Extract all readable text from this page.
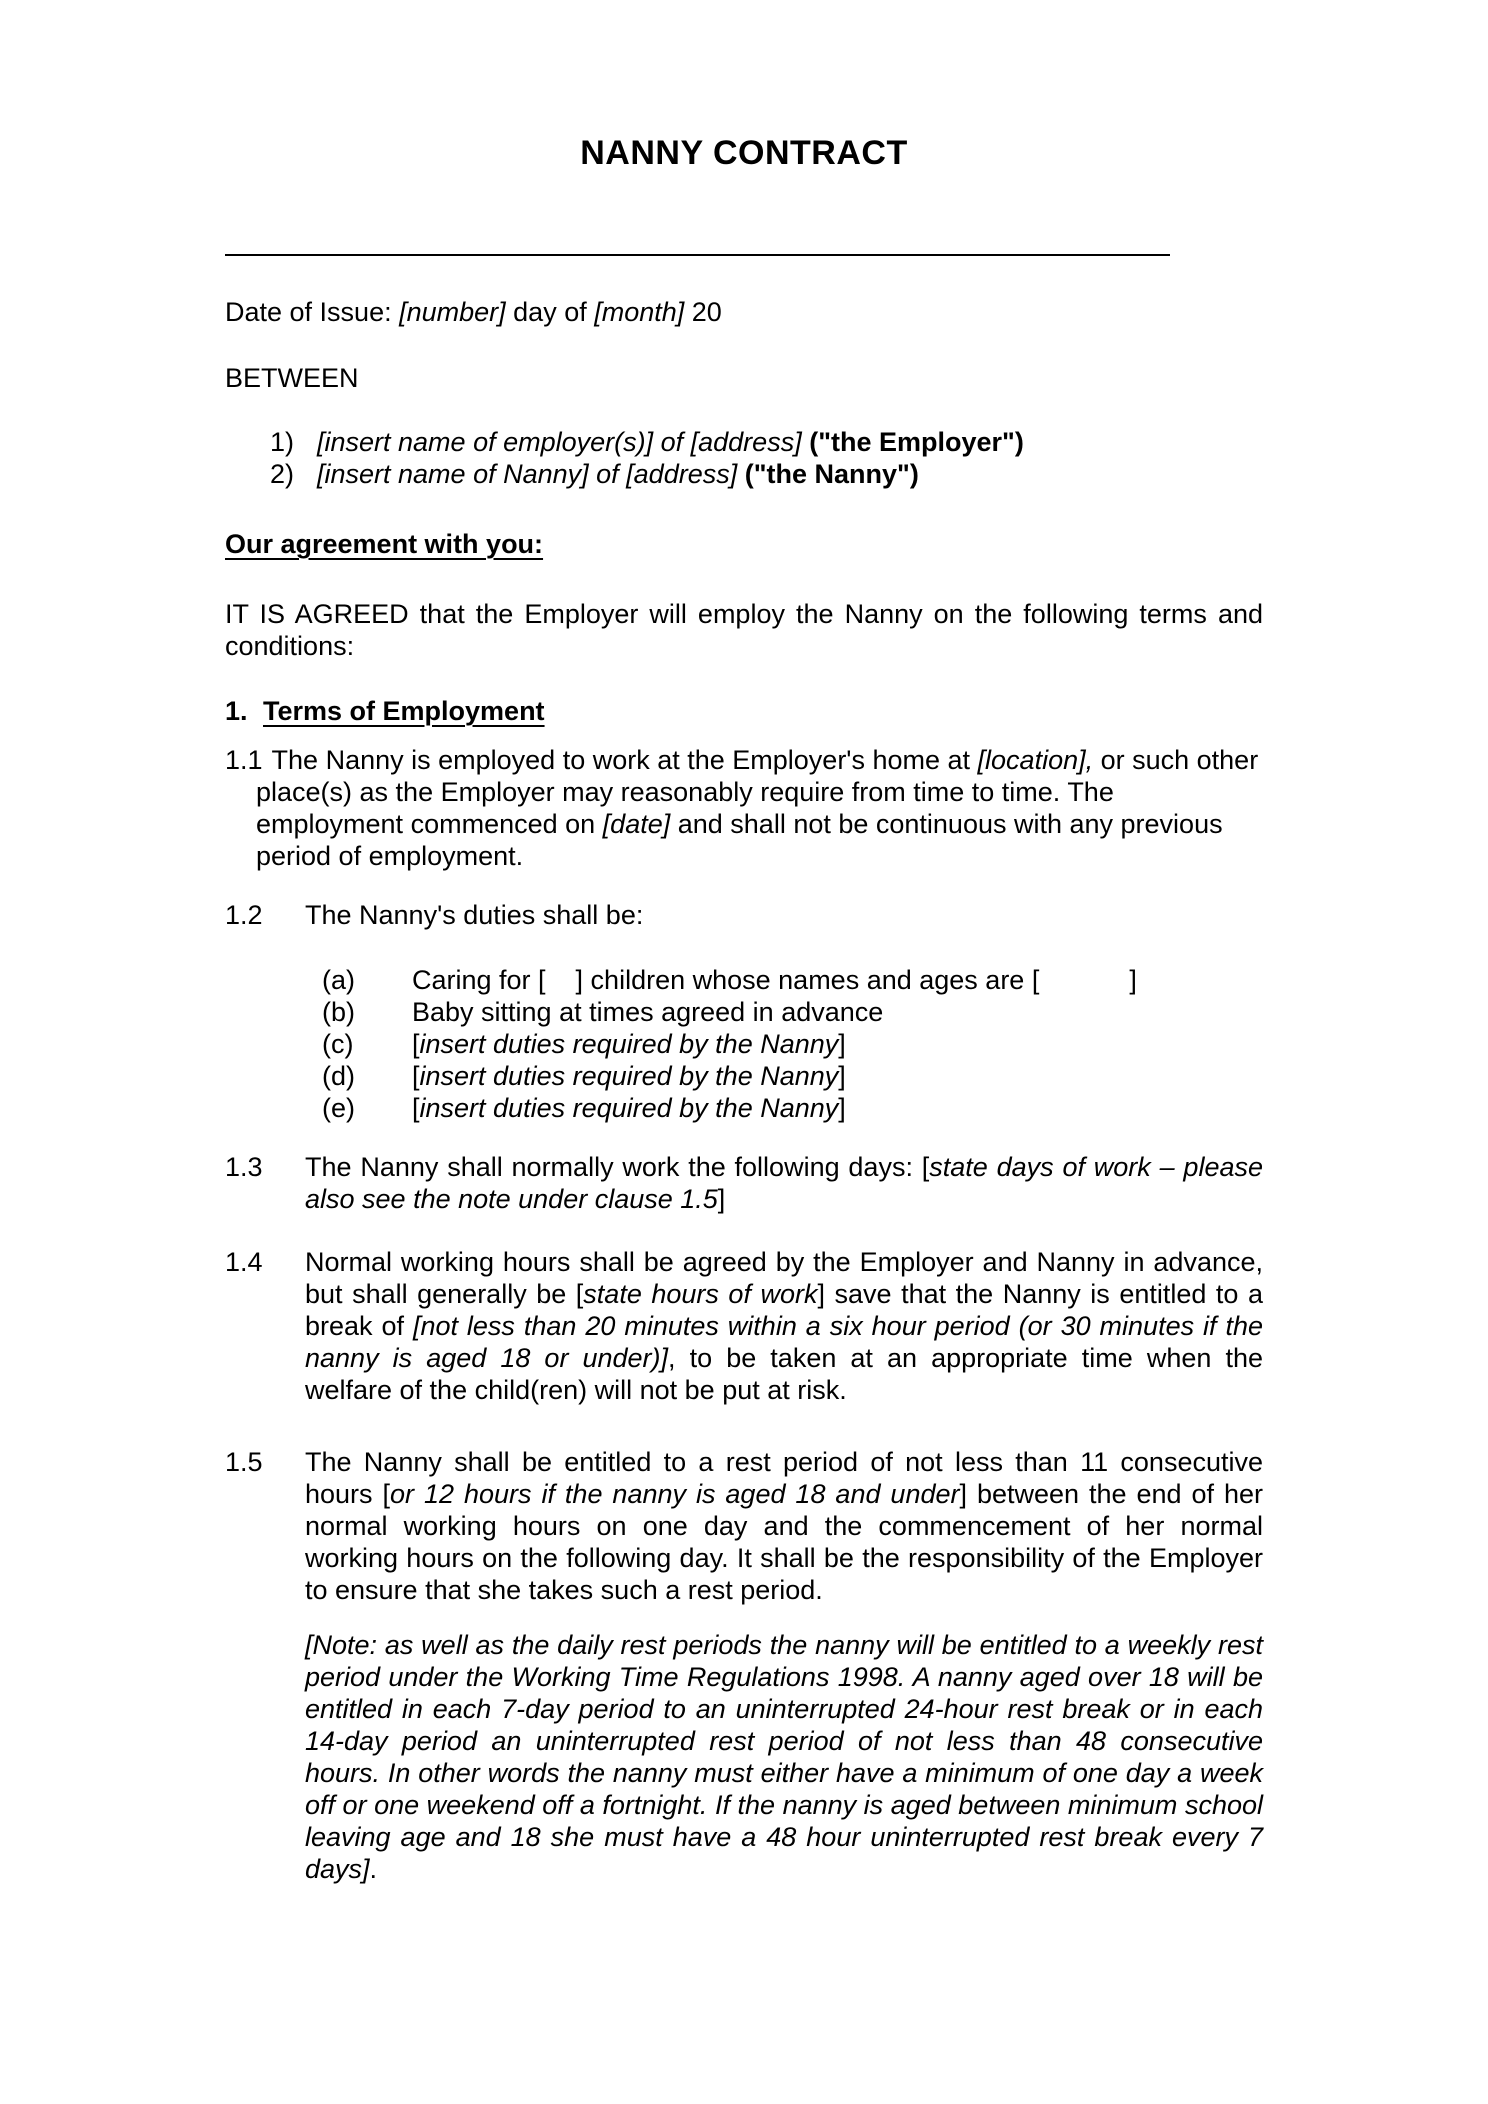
NANNY CONTRACT
Date of Issue: [number] day of [month] 20
BETWEEN
1) [insert name of employer(s)] of [address] ("the Employer")
2) [insert name of Nanny] of [address] ("the Nanny")
Our agreement with you:
IT IS AGREED that the Employer will employ the Nanny on the following terms and conditions:
1. Terms of Employment
1.1 The Nanny is employed to work at the Employer's home at [location], or such other place(s) as the Employer may reasonably require from time to time. The employment commenced on [date] and shall not be continuous with any previous period of employment.
1.2 The Nanny's duties shall be:
(a) Caring for [    ] children whose names and ages are [            ]
(b) Baby sitting at times agreed in advance
(c) [insert duties required by the Nanny]
(d) [insert duties required by the Nanny]
(e) [insert duties required by the Nanny]
1.3 The Nanny shall normally work the following days: [state days of work – please also see the note under clause 1.5]
1.4 Normal working hours shall be agreed by the Employer and Nanny in advance, but shall generally be [state hours of work] save that the Nanny is entitled to a break of [not less than 20 minutes within a six hour period (or 30 minutes if the nanny is aged 18 or under)], to be taken at an appropriate time when the welfare of the child(ren) will not be put at risk.
1.5 The Nanny shall be entitled to a rest period of not less than 11 consecutive hours [or 12 hours if the nanny is aged 18 and under] between the end of her normal working hours on one day and the commencement of her normal working hours on the following day. It shall be the responsibility of the Employer to ensure that she takes such a rest period.
[Note: as well as the daily rest periods the nanny will be entitled to a weekly rest period under the Working Time Regulations 1998. A nanny aged over 18 will be entitled in each 7-day period to an uninterrupted 24-hour rest break or in each 14-day period an uninterrupted rest period of not less than 48 consecutive hours. In other words the nanny must either have a minimum of one day a week off or one weekend off a fortnight. If the nanny is aged between minimum school leaving age and 18 she must have a 48 hour uninterrupted rest break every 7 days].
